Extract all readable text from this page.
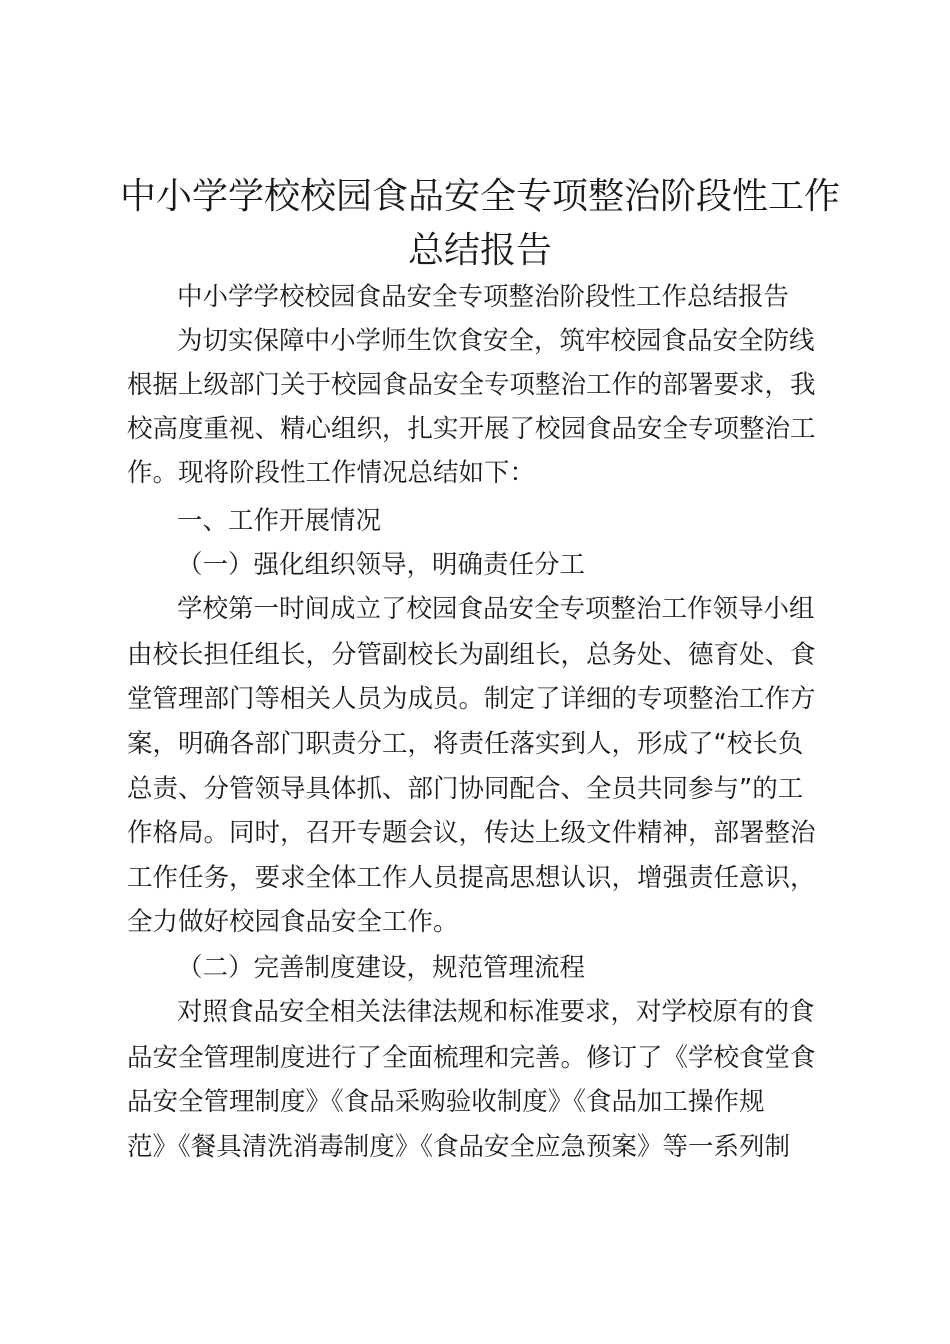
中小学学校校园食品安全专项整治阶段性工作
总结报告

中小学学校校园食品安全专项整治阶段性工作总结报告

为切实保障中小学师生饮食安全，筑牢校园食品安全防线

根据上级部门关于校园食品安全专项整治工作的部署要求，我

校高度重视、精心组织，扎实开展了校园食品安全专项整治工

作。现将阶段性工作情况总结如下：

一、工作开展情况

（一）强化组织领导，明确责任分工

学校第一时间成立了校园食品安全专项整治工作领导小组

由校长担任组长，分管副校长为副组长，总务处、德育处、食

堂管理部门等相关人员为成员。制定了详细的专项整治工作方

案，明确各部门职责分工，将责任落实到人，形成了“校长负

总责、分管领导具体抓、部门协同配合、全员共同参与”的工

作格局。同时，召开专题会议，传达上级文件精神，部署整治

工作任务，要求全体工作人员提高思想认识，增强责任意识，

全力做好校园食品安全工作。

（二）完善制度建设，规范管理流程

对照食品安全相关法律法规和标准要求，对学校原有的食

品安全管理制度进行了全面梳理和完善。修订了《学校食堂食

品安全管理制度》《食品采购验收制度》《食品加工操作规

范》《餐具清洗消毒制度》《食品安全应急预案》等一系列制
